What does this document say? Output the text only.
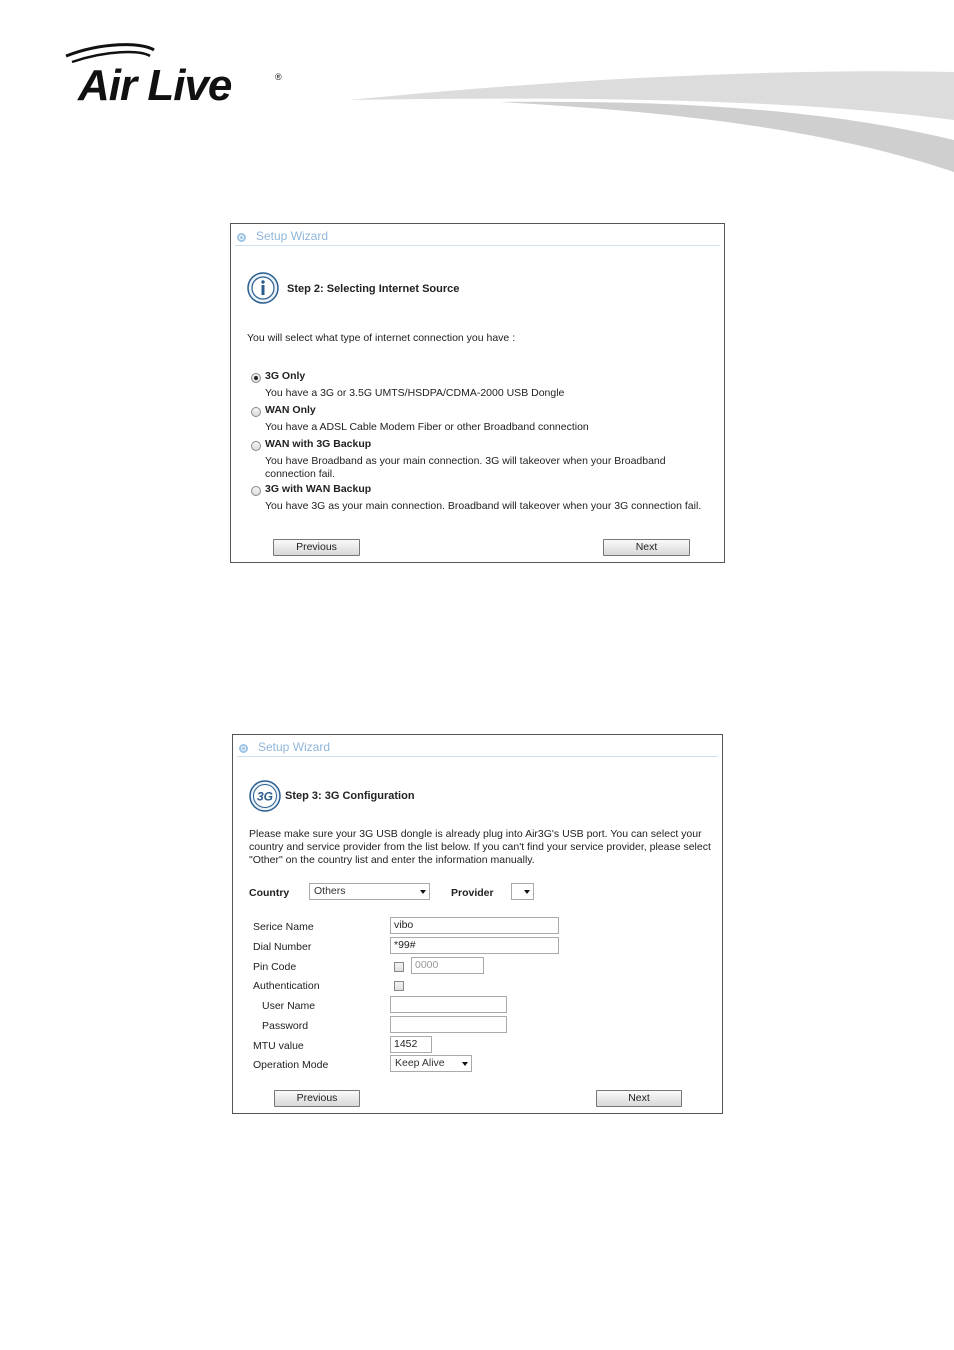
Air Live	®
Setup Wizard
Step 2: Selecting Internet Source
You will select what type of internet connection you have :
3G Only
You have a 3G or 3.5G UMTS/HSDPA/CDMA-2000 USB Dongle
WAN Only
You have a ADSL Cable Modem Fiber or other Broadband connection
WAN with 3G Backup
You have Broadband as your main connection. 3G will takeover when your Broadband connection fail.
3G with WAN Backup
You have 3G as your main connection. Broadband will takeover when your 3G connection fail.
Previous	Next
Setup Wizard
3G Step 3: 3G Configuration
Please make sure your 3G USB dongle is already plug into Air3G's USB port. You can select your country and service provider from the list below. If you can't find your service provider, please select "Other" on the country list and enter the information manually.
Country	Others	Provider
Serice Name	vibo
Dial Number	*99#
Pin Code	0000
Authentication
User Name
Password
MTU value	1452
Operation Mode	Keep Alive
Previous	Next
